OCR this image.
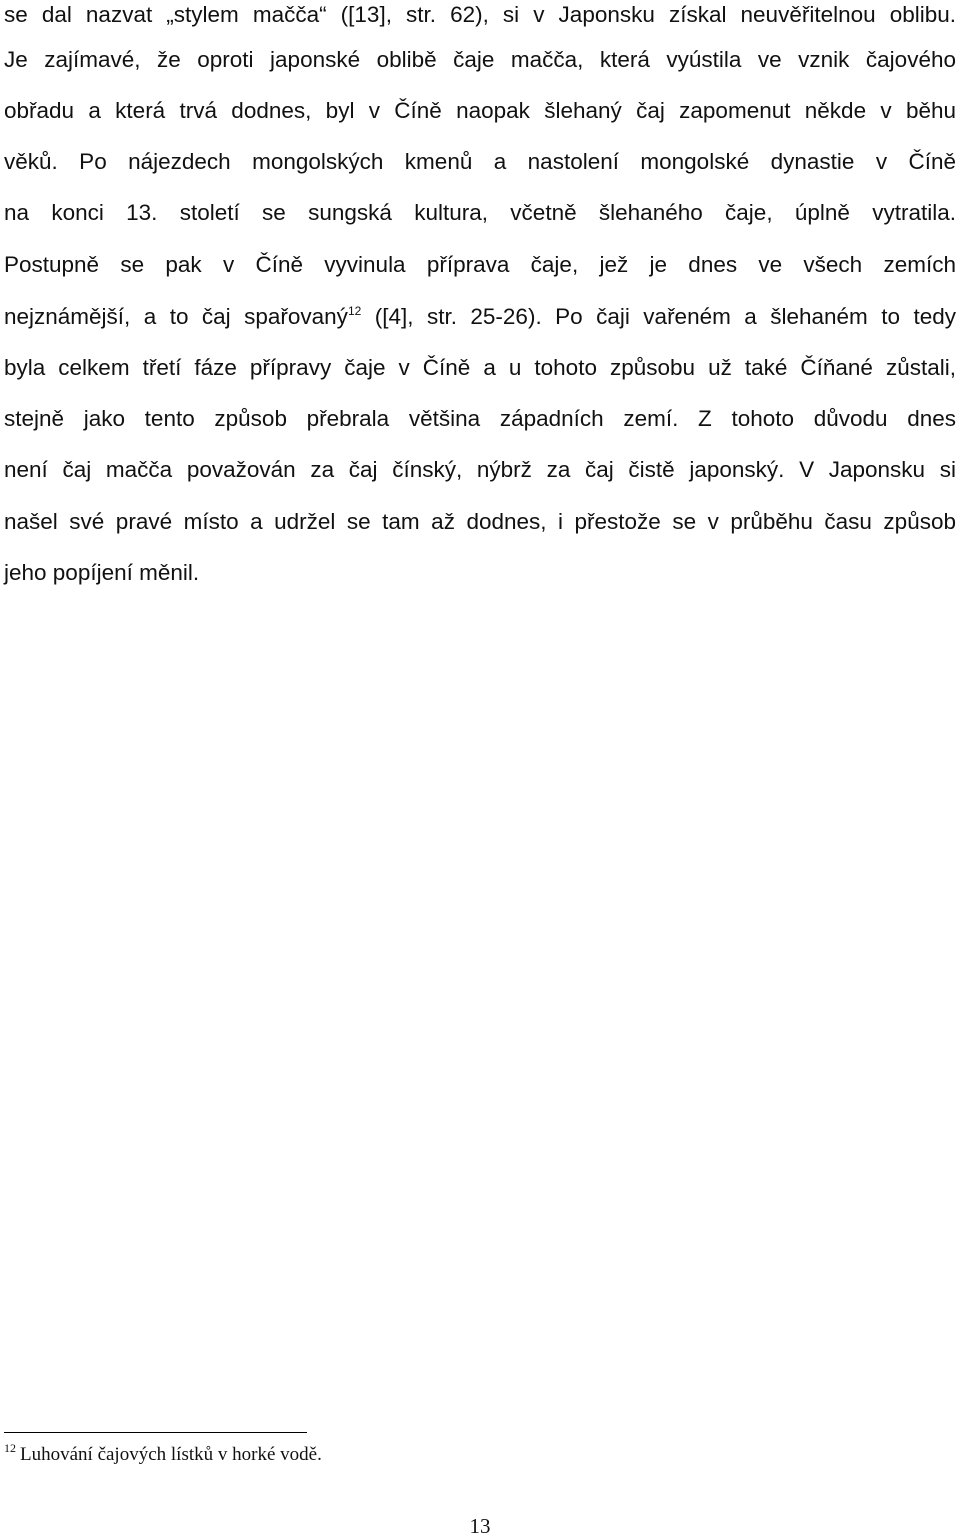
se dal nazvat „stylem mačča“ ([13], str. 62), si v Japonsku získal neuvěřitelnou oblibu.
Je zajímavé, že oproti japonské oblibě čaje mačča, která vyústila ve vznik čajového
obřadu a která trvá dodnes, byl v Číně naopak šlehaný čaj zapomenut někde v běhu
věků. Po nájezdech mongolských kmenů a nastolení mongolské dynastie v Číně
na konci 13. století se sungská kultura, včetně šlehaného čaje, úplně vytratila.
Postupně se pak v Číně vyvinula příprava čaje, jež je dnes ve všech zemích
nejznámější, a to čaj spařovaný$^{12}$ ([4], str. 25-26). Po čaji vařeném a šlehaném to tedy
byla celkem třetí fáze přípravy čaje v Číně a u tohoto způsobu už také Číňané zůstali,
stejně jako tento způsob přebrala většina západních zemí. Z tohoto důvodu dnes
není čaj mačča považován za čaj čínský, nýbrž za čaj čistě japonský. V Japonsku si
našel své pravé místo a udržel se tam až dodnes, i přestože se v průběhu času způsob
jeho popíjení měnil.
$^{12}$ Luhování čajových lístků v horké vodě.
13
